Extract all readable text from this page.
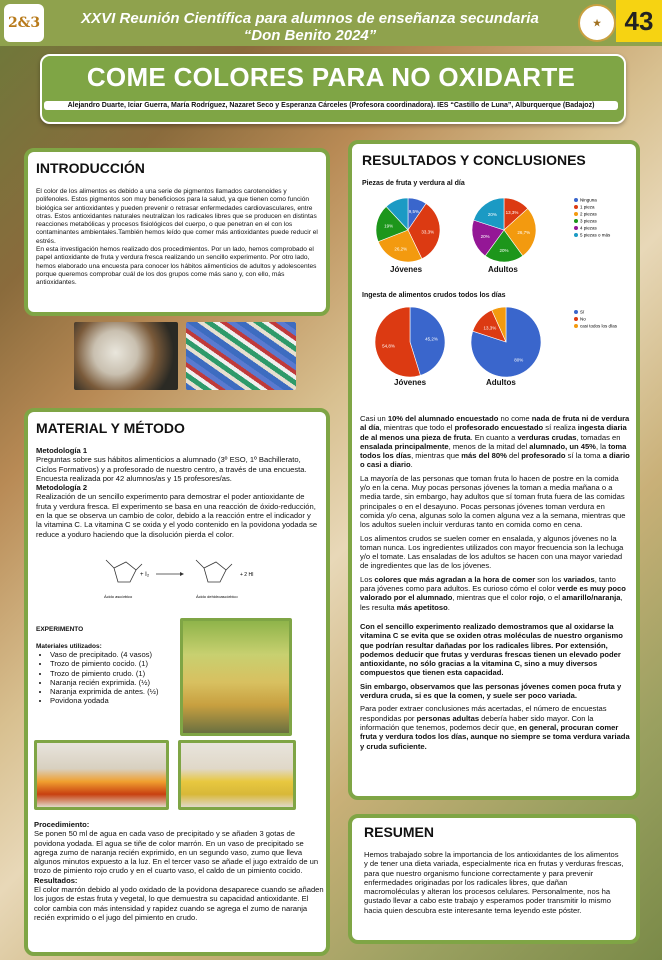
2&3	XXVI Reunión Científica para alumnos de enseñanza secundaria
“Don Benito 2024”
★ 43
COME COLORES PARA NO OXIDARTE
Alejandro Duarte, Iciar Guerra, María Rodríguez, Nazaret Seco y Esperanza Cárceles (Profesora coordinadora). IES “Castillo de Luna”, Alburquerque (Badajoz)
INTRODUCCIÓN

El color de los alimentos es debido a una serie de pigmentos llamados carotenoides y polifenoles. Estos pigmentos son muy beneficiosos para la salud, ya que tienen como función biológica ser antioxidantes y pueden prevenir o retrasar enfermedades cardiovasculares, entre otras. Estos antioxidantes naturales neutralizan los radicales libres que se producen en distintas reacciones metabólicas y procesos fisiológicos del cuerpo, o que penetran en el con los contaminantes ambientales.También hemos leído que comer más antioxidantes puede reducir el estrés.

En esta investigación hemos realizado dos procedimientos. Por un lado, hemos comprobado el papel antioxidante de fruta y verdura fresca realizando un sencillo experimento. Por otro lado, hemos elaborado una encuesta para conocer los hábitos alimenticios de adultos y adolescentes porque queremos comprobar cuál de los dos grupos come más sano y, con ello, más antioxidantes.

MATERIAL Y MÉTODO

Metodología 1

Preguntas sobre sus hábitos alimenticios a alumnado (3º ESO, 1º Bachillerato, Ciclos Formativos) y a profesorado de nuestro centro, a través de una encuesta. Encuesta realizada por 42 alumnos/as y 15 profesores/as.

Metodología 2

Realización de un sencillo experimento para demostrar el poder antioxidante de fruta y verdura fresca. El experimento se basa en una reacción de óxido-reducción, en la que se observa un cambio de color, debido a la reacción entre el indicador y la vitamina C. La vitamina C se oxida y el yodo contenido en la povidona yodada se reduce a yoduro haciendo que la disolución pierda el color.

+ I₂	+ 2 HI
Ácido ascórbico	Ácido dehidroascórbico

EXPERIMENTO

Materiales utilizados:

• Vaso de precipitado. (4 vasos)
• Trozo de pimiento cocido. (1)
• Trozo de pimiento crudo. (1)
• Naranja recién exprimida. (½)
• Naranja exprimida de antes. (½)
• Povidona yodada

Procedimiento:

Se ponen 50 ml de agua en cada vaso de precipitado y se añaden 3 gotas de povidona yodada. El agua se tiñe de color marrón. En un vaso de precipitado se agrega zumo de naranja recién exprimido, en un segundo vaso, zumo que lleva algunos minutos expuesto a la luz. En el tercer vaso se añade el jugo extraído de un trozo de pimiento rojo crudo y en el cuarto vaso, el caldo de un pimiento cocido.

Resultados:

El color marrón debido al yodo oxidado de la povidona desaparece cuando se añaden los jugos de estas fruta y vegetal, lo que demuestra su capacidad antioxidante. El color cambia con más intensidad y rapidez cuando se agrega el zumo de naranja recién exprimido o el jugo del pimiento en crudo.

RESULTADOS Y CONCLUSIONES
Piezas de fruta y verdura al día
9,5%
33,3%
26,2%
19%
13,3%
26,7%
20%
20%
20%
Ninguna
1 pieza
2 piezas
3 piezas
4 piezas
5 piezas o más
Jóvenes	Adultos
Ingesta de alimentos crudos todos los días
45,2%
54,8%
80%
13,3%
Sí
No
casi todos los días
Jóvenes	Adultos

Casi un 10% del alumnado encuestado no come nada de fruta ni de verdura al día, mientras que todo el profesorado encuestado sí realiza ingesta diaria de al menos una pieza de fruta. En cuanto a verduras crudas, tomadas en ensalada principalmente, menos de la mitad del alumnado, un 45%, la toma todos los días, mientras que más del 80% del profesorado sí la toma a diario o casi a diario.

La mayoría de las personas que toman fruta lo hacen de postre en la comida y/o en la cena. Muy pocas personas jóvenes la toman a media mañana o a media tarde, sin embargo, hay adultos que sí toman fruta fuera de las comidas principales o en el desayuno. Pocas personas jóvenes toman verdura en comida y/o cena, algunas solo la comen alguna vez a la semana, mientras que los adultos suelen incluir verduras tanto en comida como en cena.

Los alimentos crudos se suelen comer en ensalada, y algunos jóvenes no la toman nunca. Los ingredientes utilizados con mayor frecuencia son la lechuga y/o el tomate. Las ensaladas de los adultos se hacen con una mayor variedad de ingredientes que las de los jóvenes.

Los colores que más agradan a la hora de comer son los variados, tanto para jóvenes como para adultos. Es curioso cómo el color verde es muy poco valorado por el alumnado, mientras que el color rojo, o el amarillo/naranja, les resulta más apetitoso.

Con el sencillo experimento realizado demostramos que al oxidarse la vitamina C se evita que se oxiden otras moléculas de nuestro organismo que podrían resultar dañadas por los radicales libres. Por extensión, podemos deducir que frutas y verduras frescas tienen un elevado poder antioxidante, no sólo gracias a la vitamina C, sino a muy diversos compuestos que tienen esta capacidad.

Sin embargo, observamos que las personas jóvenes comen poca fruta y verdura cruda, si es que la comen, y suele ser poco variada.

Para poder extraer conclusiones más acertadas, el número de encuestas respondidas por personas adultas debería haber sido mayor. Con la información que tenemos, podemos decir que, en general, procuran comer fruta y verdura todos los días, aunque no siempre se toma verdura variada y cruda suficiente.

RESUMEN

Hemos trabajado sobre la importancia de los antioxidantes de los alimentos y de tener una dieta variada, especialmente rica en frutas y verduras frescas, para que nuestro organismo funcione correctamente y para prevenir enfermedades originadas por los radicales libres, que dañan macromoléculas y alteran los procesos celulares. Personalmente, nos ha gustado llevar a cabo este trabajo y esperamos poder transmitir lo mismo hacia quien descubra este interesante tema leyendo este póster.
